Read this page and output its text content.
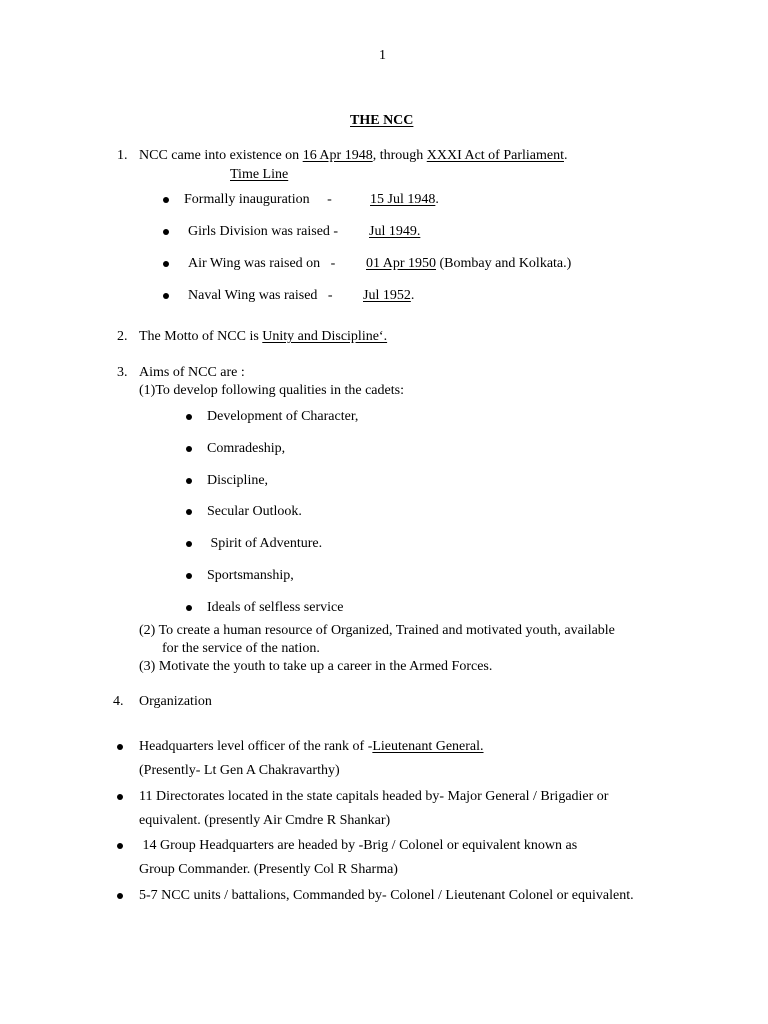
1
THE NCC
1. NCC came into existence on 16 Apr 1948, through XXXI Act of Parliament.
Time Line
Formally inauguration     -	15 Jul 1948.
Girls Division was raised - Jul 1949.
Air Wing was raised on   - 01 Apr 1950 (Bombay and Kolkata.)
Naval Wing was raised   - Jul 1952.
2. The Motto of NCC is Unity and Discipline‘.
3. Aims of NCC are :
(1)To develop following qualities in the cadets:
Development of Character,
Comradeship,
Discipline,
Secular Outlook.
Spirit of Adventure.
Sportsmanship,
Ideals of selfless service
(2) To create a human resource of Organized, Trained and motivated youth, available
for the service of the nation.
(3) Motivate the youth to take up a career in the Armed Forces.
4. Organization
Headquarters level officer of the rank of -Lieutenant General.
(Presently- Lt Gen A Chakravarthy)
11 Directorates located in the state capitals headed by- Major General / Brigadier or
equivalent. (presently Air Cmdre R Shankar)
14 Group Headquarters are headed by -Brig / Colonel or equivalent known as
Group Commander. (Presently Col R Sharma)
5-7 NCC units / battalions, Commanded by- Colonel / Lieutenant Colonel or equivalent.
